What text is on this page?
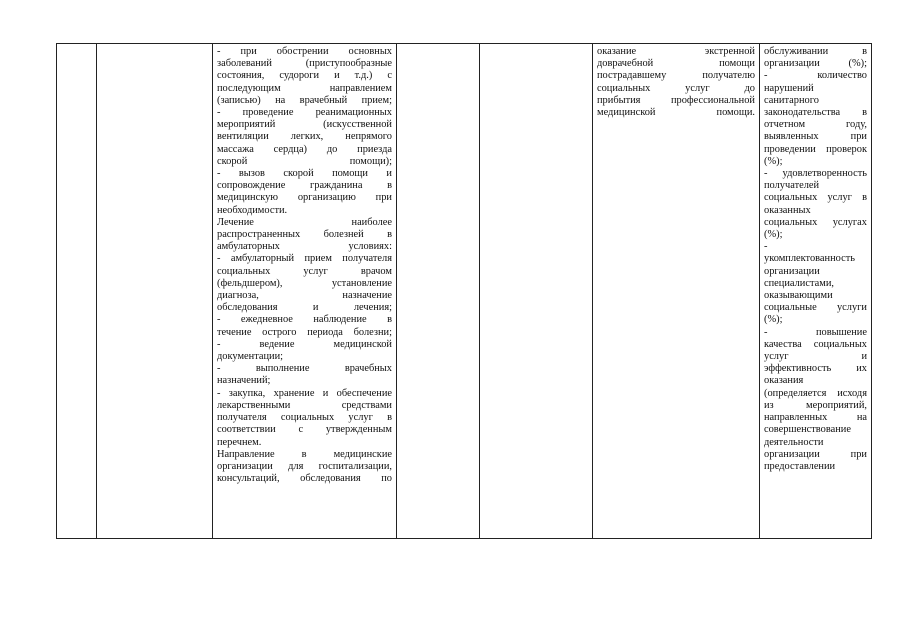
- при обострении основных
заболеваний (приступообразные
состояния, судороги и т.д.) с
последующим направлением
(записью) на врачебный прием;
- проведение реанимационных
мероприятий (искусственной
вентиляции легких, непрямого
массажа сердца) до приезда
скорой помощи);
- вызов скорой помощи и
сопровождение гражданина в
медицинскую организацию при
необходимости.
Лечение наиболее
распространенных болезней в
амбулаторных условиях:
- амбулаторный прием получателя
социальных услуг врачом
(фельдшером), установление
диагноза, назначение
обследования и лечения;
- ежедневное наблюдение в
течение острого периода болезни;
- ведение медицинской
документации;
- выполнение врачебных
назначений;
- закупка, хранение и обеспечение
лекарственными средствами
получателя социальных услуг в
соответствии с утвержденным
перечнем.
Направление в медицинские
организации для госпитализации,
консультаций, обследования по

оказание экстренной
доврачебной помощи
пострадавшему получателю
социальных услуг до
прибытия профессиональной
медицинской помощи.

обслуживании в
организации (%);
- количество
нарушений
санитарного
законодательства в
отчетном году,
выявленных при
проведении проверок
(%);
- удовлетворенность
получателей
социальных услуг в
оказанных
социальных услугах
(%);
-
укомплектованность
организации
специалистами,
оказывающими
социальные услуги
(%);
- повышение
качества социальных
услуг и
эффективность их
оказания
(определяется исходя
из мероприятий,
направленных на
совершенствование
деятельности
организации при
предоставлении
